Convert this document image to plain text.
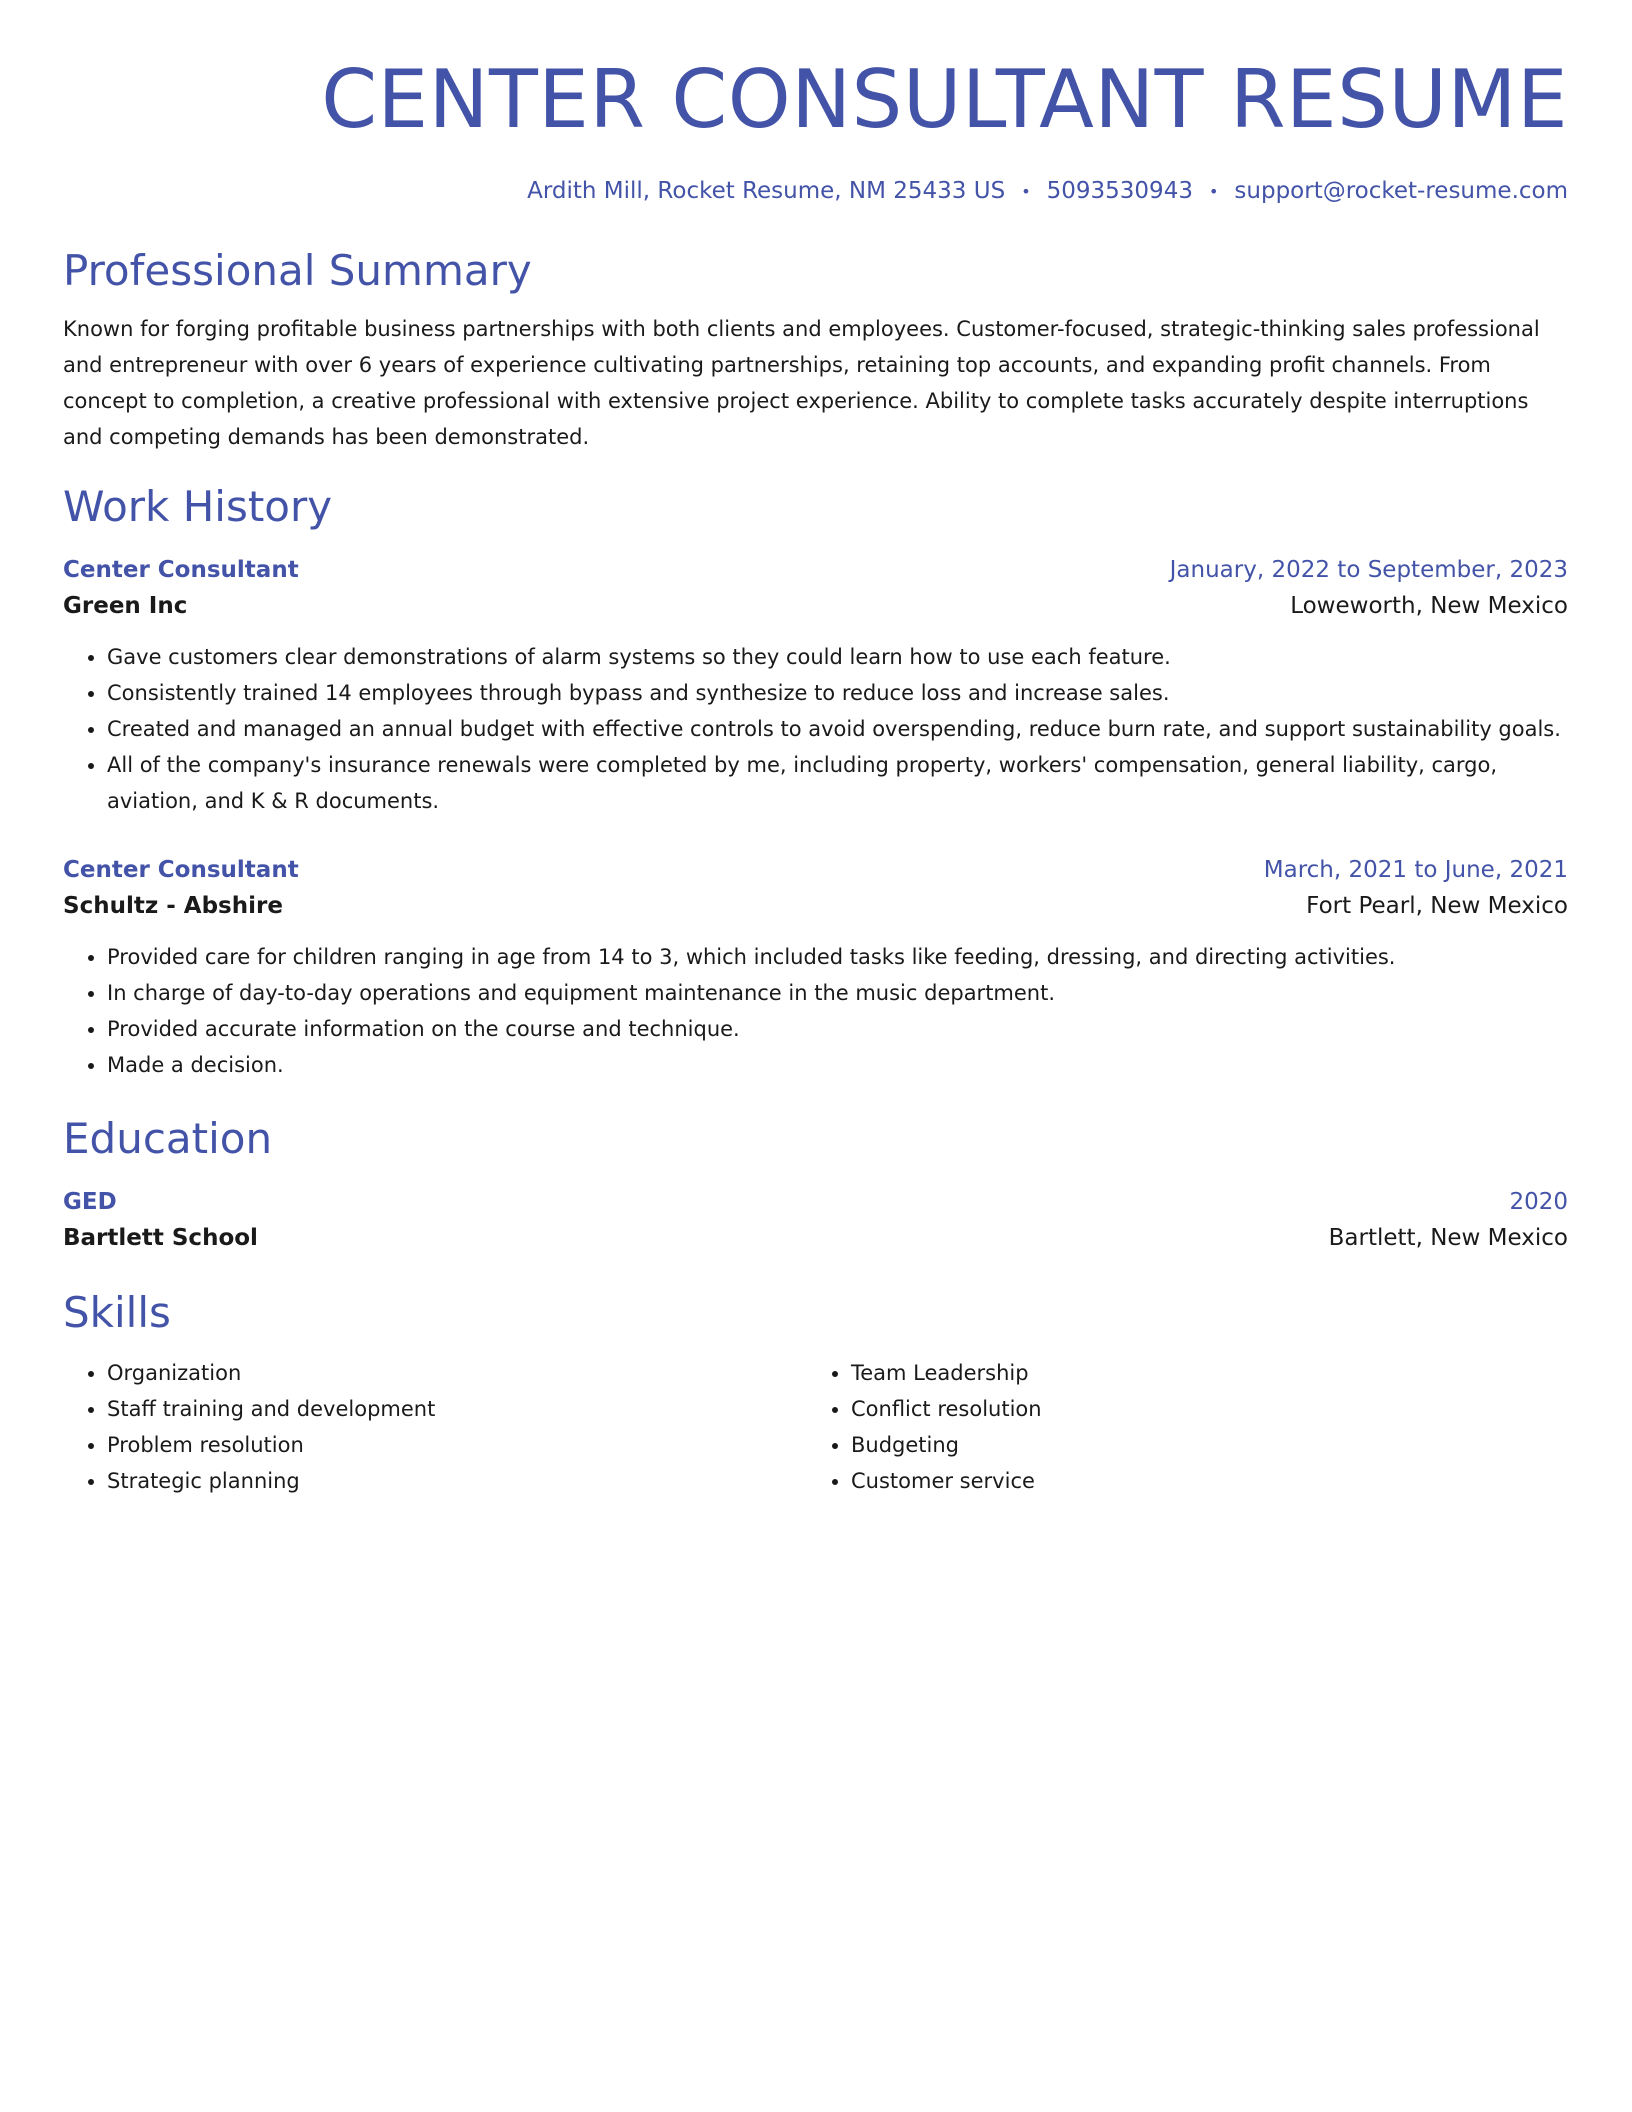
CENTER CONSULTANT RESUME
Ardith Mill, Rocket Resume, NM 25433 US • 5093530943 • support@rocket-resume.com
Professional Summary

Known for forging profitable business partnerships with both clients and employees. Customer-focused, strategic-thinking sales professional and entrepreneur with over 6 years of experience cultivating partnerships, retaining top accounts, and expanding profit channels. From concept to completion, a creative professional with extensive project experience. Ability to complete tasks accurately despite interruptions and competing demands has been demonstrated.

Work History
Center Consultant	January, 2022 to September, 2023
Green Inc	Loweworth, New Mexico
• Gave customers clear demonstrations of alarm systems so they could learn how to use each feature.
• Consistently trained 14 employees through bypass and synthesize to reduce loss and increase sales.
• Created and managed an annual budget with effective controls to avoid overspending, reduce burn rate, and support sustainability goals.
• All of the company's insurance renewals were completed by me, including property, workers' compensation, general liability, cargo, aviation, and K & R documents.
Center Consultant	March, 2021 to June, 2021
Schultz - Abshire	Fort Pearl, New Mexico
• Provided care for children ranging in age from 14 to 3, which included tasks like feeding, dressing, and directing activities.
• In charge of day-to-day operations and equipment maintenance in the music department.
• Provided accurate information on the course and technique.
• Made a decision.
Education
GED	2020
Bartlett School	Bartlett, New Mexico
Skills
• Organization
• Staff training and development
• Problem resolution
• Strategic planning
• Team Leadership
• Conflict resolution
• Budgeting
• Customer service
